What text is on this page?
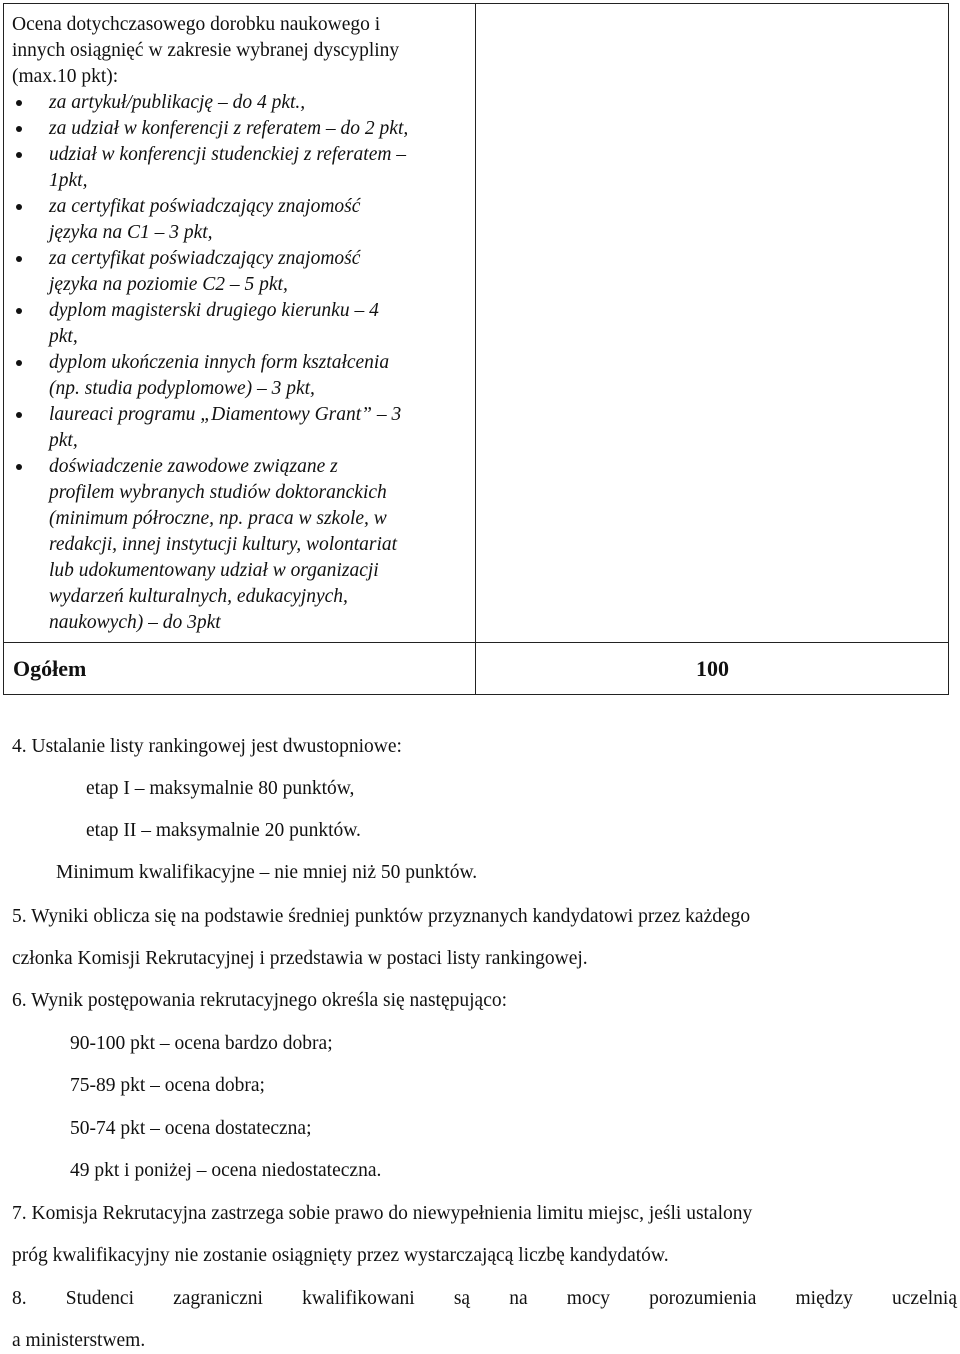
Ocena dotychczasowego dorobku naukowego i
innych osiągnięć w zakresie wybranej dyscypliny
(max.10 pkt):

za artykuł/publikację – do 4 pkt.,
za udział w konferencji z referatem – do 2 pkt,
udział w konferencji studenckiej z referatem –
1pkt,
za certyfikat poświadczający znajomość
języka na C1 – 3 pkt,
za certyfikat poświadczający znajomość
języka na poziomie C2 – 5 pkt,
dyplom magisterski drugiego kierunku – 4
pkt,
dyplom ukończenia innych form kształcenia
(np. studia podyplomowe) – 3 pkt,
laureaci programu „Diamentowy Grant” – 3
pkt,
doświadczenie zawodowe związane z
profilem wybranych studiów doktoranckich
(minimum półroczne, np. praca w szkole, w
redakcji, innej instytucji kultury, wolontariat
lub udokumentowany udział w organizacji
wydarzeń kulturalnych, edukacyjnych,
naukowych) – do 3pkt
Ogółem	100
4. Ustalanie listy rankingowej jest dwustopniowe:
etap I – maksymalnie 80 punktów,
etap II – maksymalnie 20 punktów.
Minimum kwalifikacyjne – nie mniej niż 50 punktów.
5. Wyniki oblicza się na podstawie średniej punktów przyznanych kandydatowi przez każdego
członka Komisji Rekrutacyjnej i przedstawia w postaci listy rankingowej.
6. Wynik postępowania rekrutacyjnego określa się następująco:
90-100 pkt – ocena bardzo dobra;
75-89 pkt – ocena dobra;
50-74 pkt – ocena dostateczna;
49 pkt i poniżej – ocena niedostateczna.
7. Komisja Rekrutacyjna zastrzega sobie prawo do niewypełnienia limitu miejsc, jeśli ustalony
próg kwalifikacyjny nie zostanie osiągnięty przez wystarczającą liczbę kandydatów.
8. Studenci zagraniczni kwalifikowani są na mocy porozumienia między uczelnią
a ministerstwem.
